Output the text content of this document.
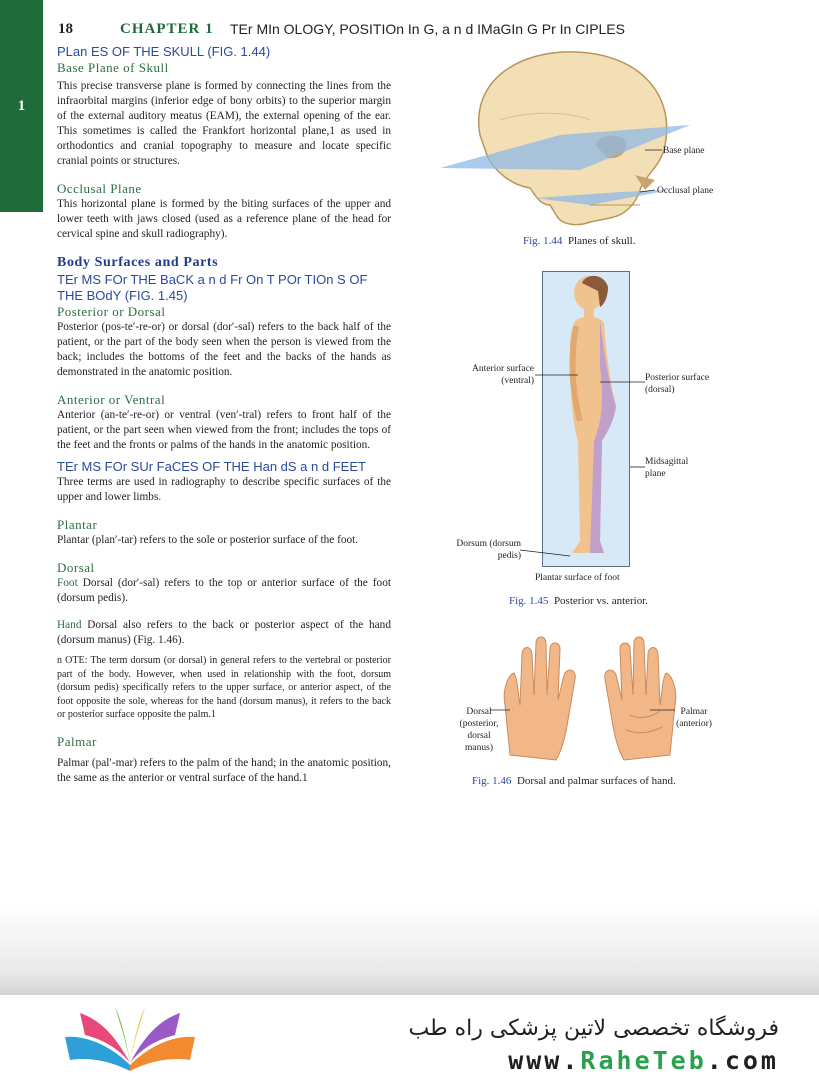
1
18	CHAPTER 1 TEr MIn OLOGY, POSITIOn In G, a n d IMaGIn G Pr In CIPLES
PLan ES OF THE SKULL (FIG. 1.44)
Base Plane of Skull

This precise transverse plane is formed by connecting the lines from the infraorbital margins (inferior edge of bony orbits) to the superior margin of the external auditory meatus (EAM), the external opening of the ear. This sometimes is called the Frankfort horizontal plane,1 as used in orthodontics and cranial topography to measure and locate specific cranial points or structures.

Occlusal Plane

This horizontal plane is formed by the biting surfaces of the upper and lower teeth with jaws closed (used as a reference plane of the head for cervical spine and skull radiography).

Body Surfaces and Parts
TEr MS FOr THE BaCK a n d Fr On T POr TIOn S OF THE BOdY (FIG. 1.45)
Posterior or Dorsal

Posterior (pos-te′-re-or) or dorsal (dor′-sal) refers to the back half of the patient, or the part of the body seen when the person is viewed from the back; includes the bottoms of the feet and the backs of the hands as demonstrated in the anatomic position.

Anterior or Ventral

Anterior (an-te′-re-or) or ventral (ven′-tral) refers to front half of the patient, or the part seen when viewed from the front; includes the tops of the feet and the fronts or palms of the hands in the anatomic position.

TEr MS FOr SUr FaCES OF THE Han dS a n d FEET

Three terms are used in radiography to describe specific surfaces of the upper and lower limbs.

Plantar

Plantar (plan′-tar) refers to the sole or posterior surface of the foot.

Dorsal

Foot Dorsal (dor′-sal) refers to the top or anterior surface of the foot (dorsum pedis).

Hand Dorsal also refers to the back or posterior aspect of the hand (dorsum manus) (Fig. 1.46).

n OTE: The term dorsum (or dorsal) in general refers to the vertebral or posterior part of the body. However, when used in relationship with the foot, dorsum (dorsum pedis) specifically refers to the upper surface, or anterior aspect, of the foot opposite the sole, whereas for the hand (dorsum manus), it refers to the back or posterior surface opposite the palm.1

Palmar

Palmar (pal′-mar) refers to the palm of the hand; in the anatomic position, the same as the anterior or ventral surface of the hand.1

Base plane
Occlusal plane
Fig. 1.44 Planes of skull.
Anterior surface
(ventral)	Posterior surface
(dorsal)
Midsagittal
plane
Dorsum (dorsum
pedis)
Plantar surface of foot
Fig. 1.45 Posterior vs. anterior.
Dorsal
(posterior,
dorsal
manus)
Palmar
(anterior)
Fig. 1.46 Dorsal and palmar surfaces of hand.
فروشگاه تخصصی لاتین پزشکی راه طب
www.RaheTeb.com
